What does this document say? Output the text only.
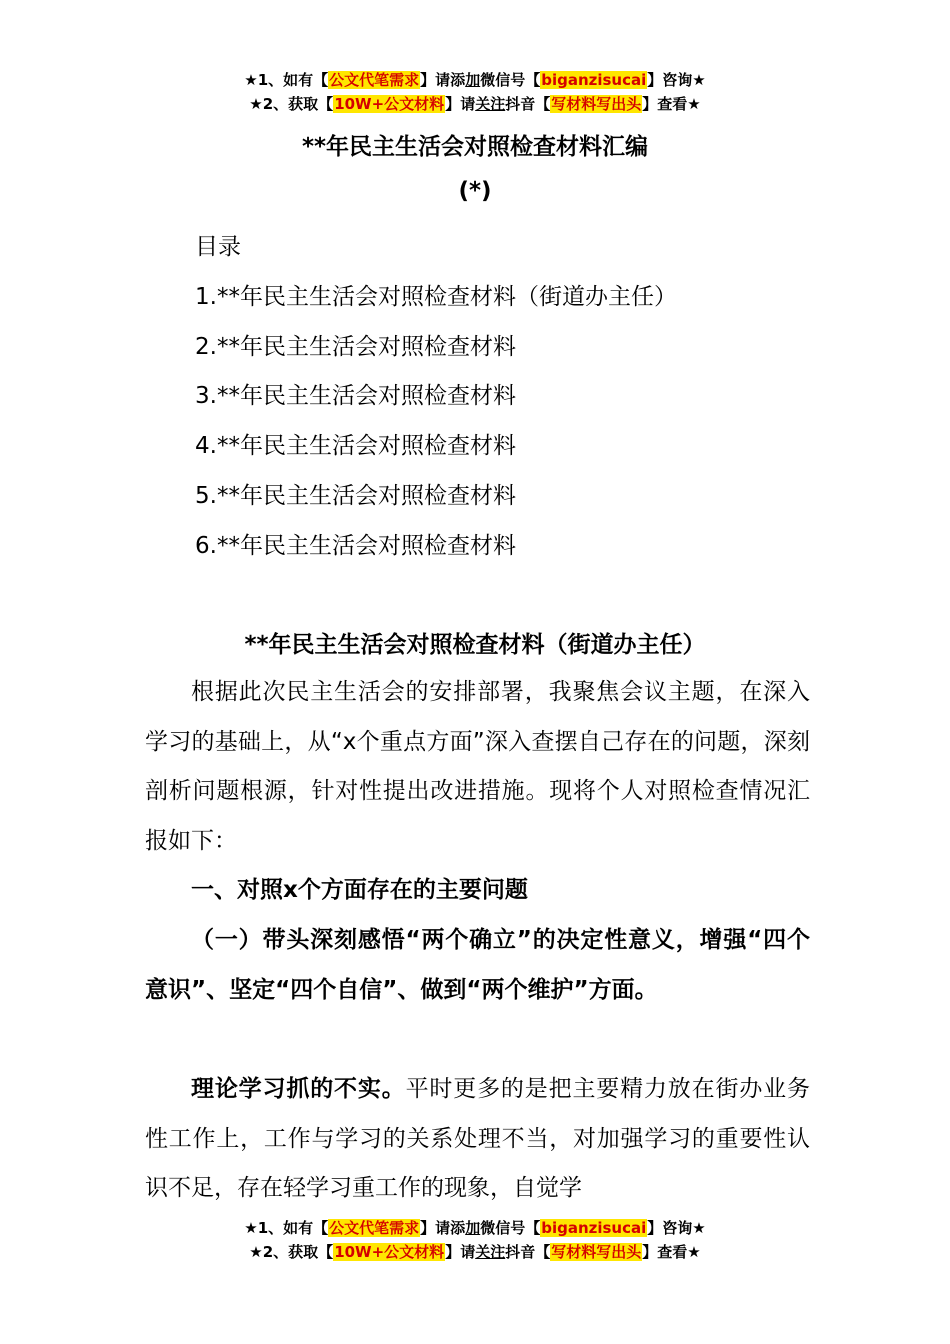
★1、如有【公文代笔需求】请添加微信号【biganzisucai】咨询★
★2、获取【10W+公文材料】请关注抖音【写材料写出头】查看★
**年民主生活会对照检查材料汇编
(*)
目录
1.**年民主生活会对照检查材料（街道办主任）
2.**年民主生活会对照检查材料
3.**年民主生活会对照检查材料
4.**年民主生活会对照检查材料
5.**年民主生活会对照检查材料
6.**年民主生活会对照检查材料
**年民主生活会对照检查材料（街道办主任）
根据此次民主生活会的安排部署，我聚焦会议主题，在深入学习的基础上，从“x个重点方面”深入查摆自己存在的问题，深刻剖析问题根源，针对性提出改进措施。现将个人对照检查情况汇报如下：
一、对照x个方面存在的主要问题
（一）带头深刻感悟“两个确立”的决定性意义，增强“四个意识”、坚定“四个自信”、做到“两个维护”方面。
理论学习抓的不实。平时更多的是把主要精力放在街办业务性工作上，工作与学习的关系处理不当，对加强学习的重要性认识不足，存在轻学习重工作的现象，自觉学
★1、如有【公文代笔需求】请添加微信号【biganzisucai】咨询★
★2、获取【10W+公文材料】请关注抖音【写材料写出头】查看★
